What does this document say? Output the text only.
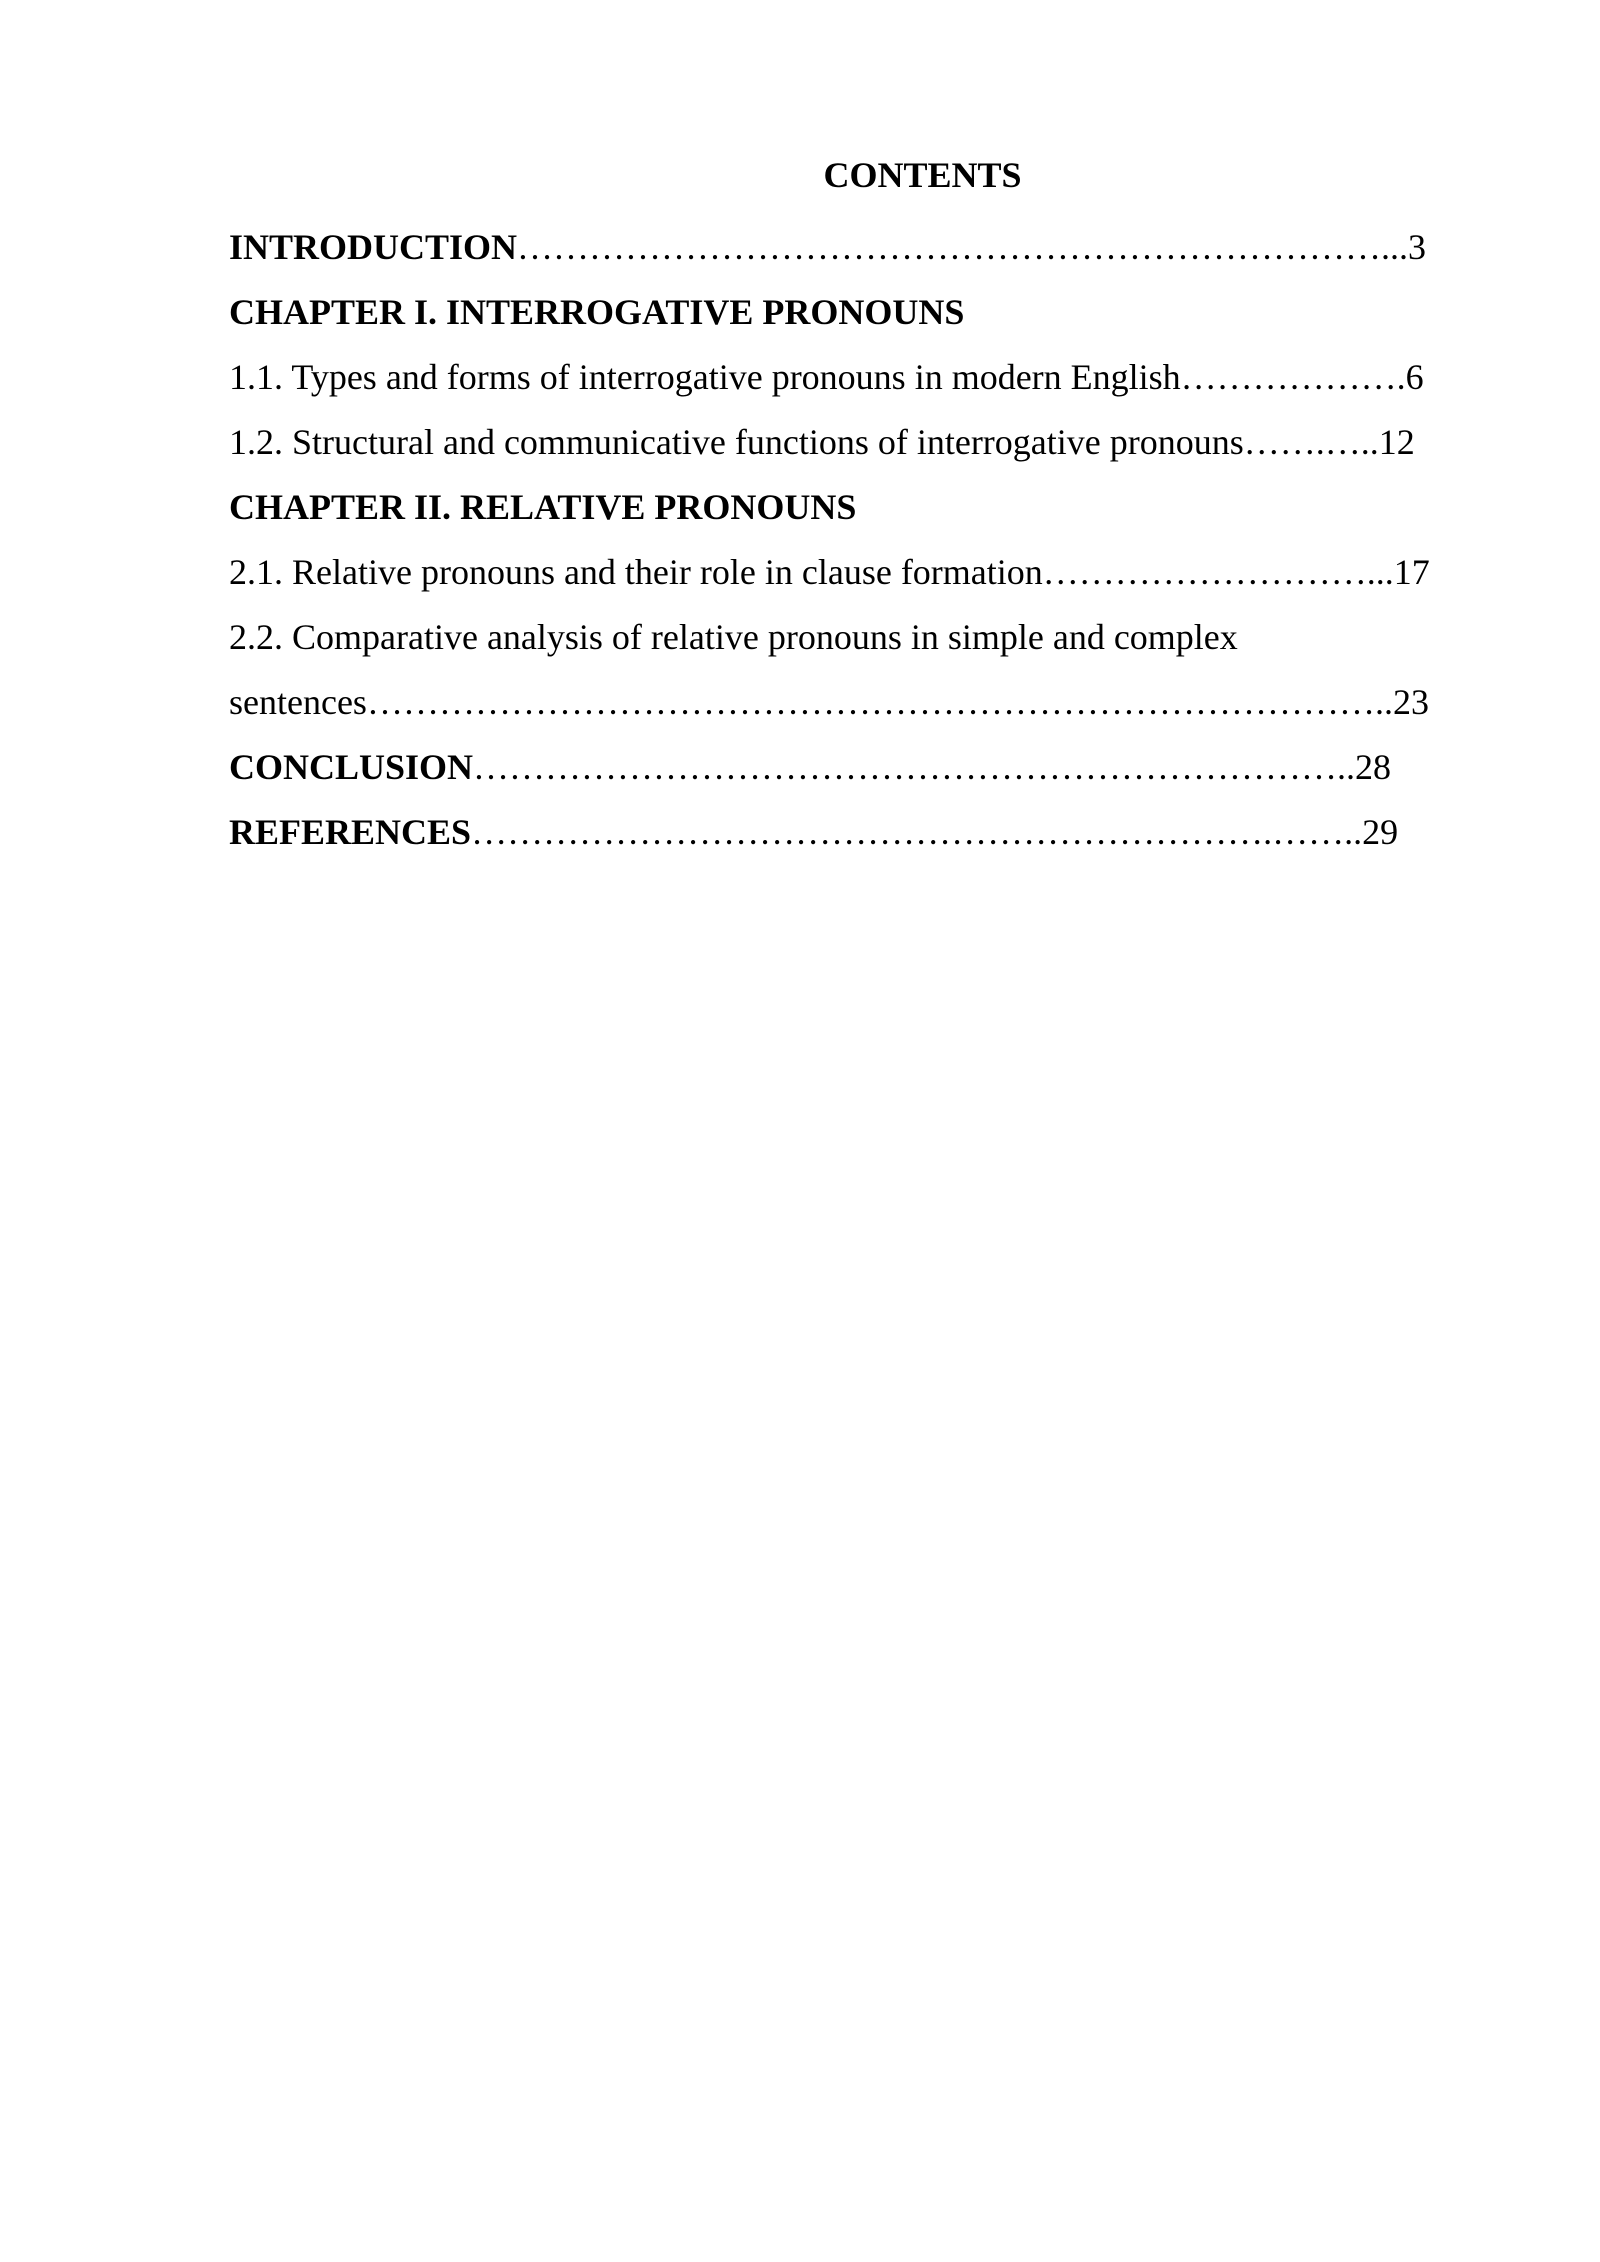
CONTENTS
INTRODUCTION………………………………………………………………...3
CHAPTER I. INTERROGATIVE PRONOUNS
1.1. Types and forms of interrogative pronouns in modern English……………….6
1.2. Structural and communicative functions of interrogative pronouns…….…..12
CHAPTER II. RELATIVE PRONOUNS
2.1. Relative pronouns and their role in clause formation………………………...17
2.2. Comparative analysis of relative pronouns in simple and complex
sentences…………………………………………………………………………..23
CONCLUSION………………………………………………………………..28
REFERENCES………………………………………………………….……..29
